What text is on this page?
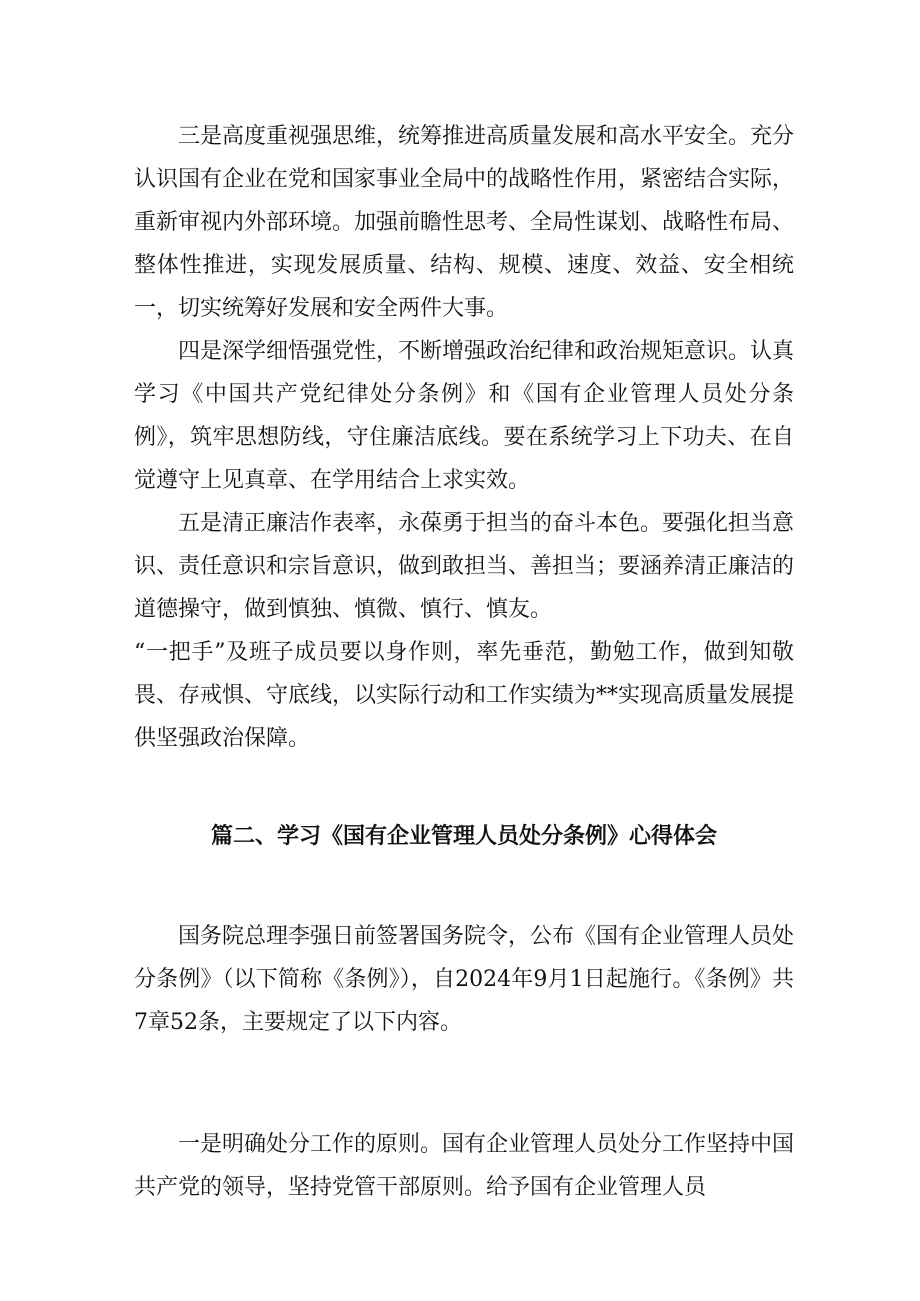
三是高度重视强思维，统筹推进高质量发展和高水平安全。充分认识国有企业在党和国家事业全局中的战略性作用，紧密结合实际，重新审视内外部环境。加强前瞻性思考、全局性谋划、战略性布局、整体性推进，实现发展质量、结构、规模、速度、效益、安全相统一，切实统筹好发展和安全两件大事。

四是深学细悟强党性，不断增强政治纪律和政治规矩意识。认真学习《中国共产党纪律处分条例》和《国有企业管理人员处分条例》，筑牢思想防线，守住廉洁底线。要在系统学习上下功夫、在自觉遵守上见真章、在学用结合上求实效。

五是清正廉洁作表率，永葆勇于担当的奋斗本色。要强化担当意识、责任意识和宗旨意识，做到敢担当、善担当；要涵养清正廉洁的道德操守，做到慎独、慎微、慎行、慎友。

“一把手”及班子成员要以身作则，率先垂范，勤勉工作，做到知敬畏、存戒惧、守底线，以实际行动和工作实绩为**实现高质量发展提供坚强政治保障。

篇二、学习《国有企业管理人员处分条例》心得体会

国务院总理李强日前签署国务院令，公布《国有企业管理人员处分条例》（以下简称《条例》），自2024年9月1日起施行。《条例》共7章52条，主要规定了以下内容。

一是明确处分工作的原则。国有企业管理人员处分工作坚持中国共产党的领导，坚持党管干部原则。给予国有企业管理人员
